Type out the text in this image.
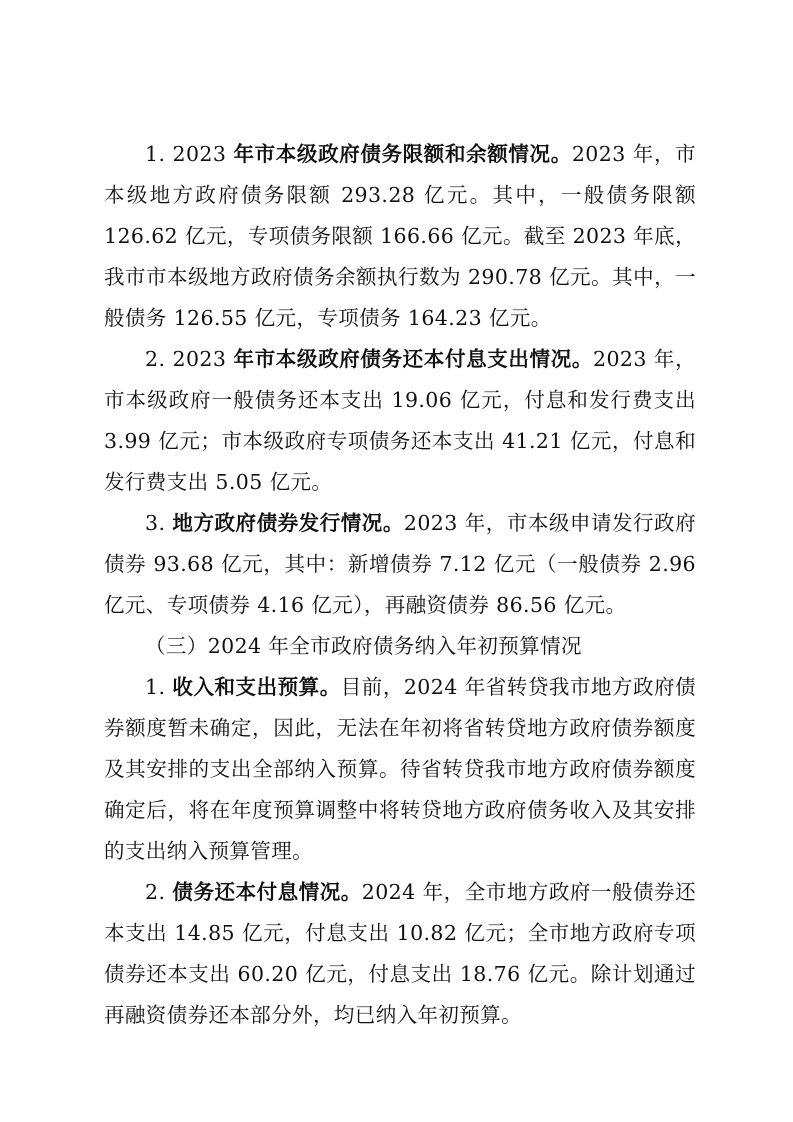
1. 2023 年市本级政府债务限额和余额情况。2023 年，市本级地方政府债务限额 293.28 亿元。其中，一般债务限额 126.62 亿元，专项债务限额 166.66 亿元。截至 2023 年底，我市市本级地方政府债务余额执行数为 290.78 亿元。其中，一般债务 126.55 亿元，专项债务 164.23 亿元。

2. 2023 年市本级政府债务还本付息支出情况。2023 年，市本级政府一般债务还本支出 19.06 亿元，付息和发行费支出 3.99 亿元；市本级政府专项债务还本支出 41.21 亿元，付息和发行费支出 5.05 亿元。

3. 地方政府债券发行情况。2023 年，市本级申请发行政府债券 93.68 亿元，其中：新增债券 7.12 亿元（一般债券 2.96 亿元、专项债券 4.16 亿元），再融资债券 86.56 亿元。

（三）2024 年全市政府债务纳入年初预算情况

1. 收入和支出预算。目前，2024 年省转贷我市地方政府债券额度暂未确定，因此，无法在年初将省转贷地方政府债券额度及其安排的支出全部纳入预算。待省转贷我市地方政府债券额度确定后，将在年度预算调整中将转贷地方政府债务收入及其安排的支出纳入预算管理。

2. 债务还本付息情况。2024 年，全市地方政府一般债券还本支出 14.85 亿元，付息支出 10.82 亿元；全市地方政府专项债券还本支出 60.20 亿元，付息支出 18.76 亿元。除计划通过再融资债券还本部分外，均已纳入年初预算。
